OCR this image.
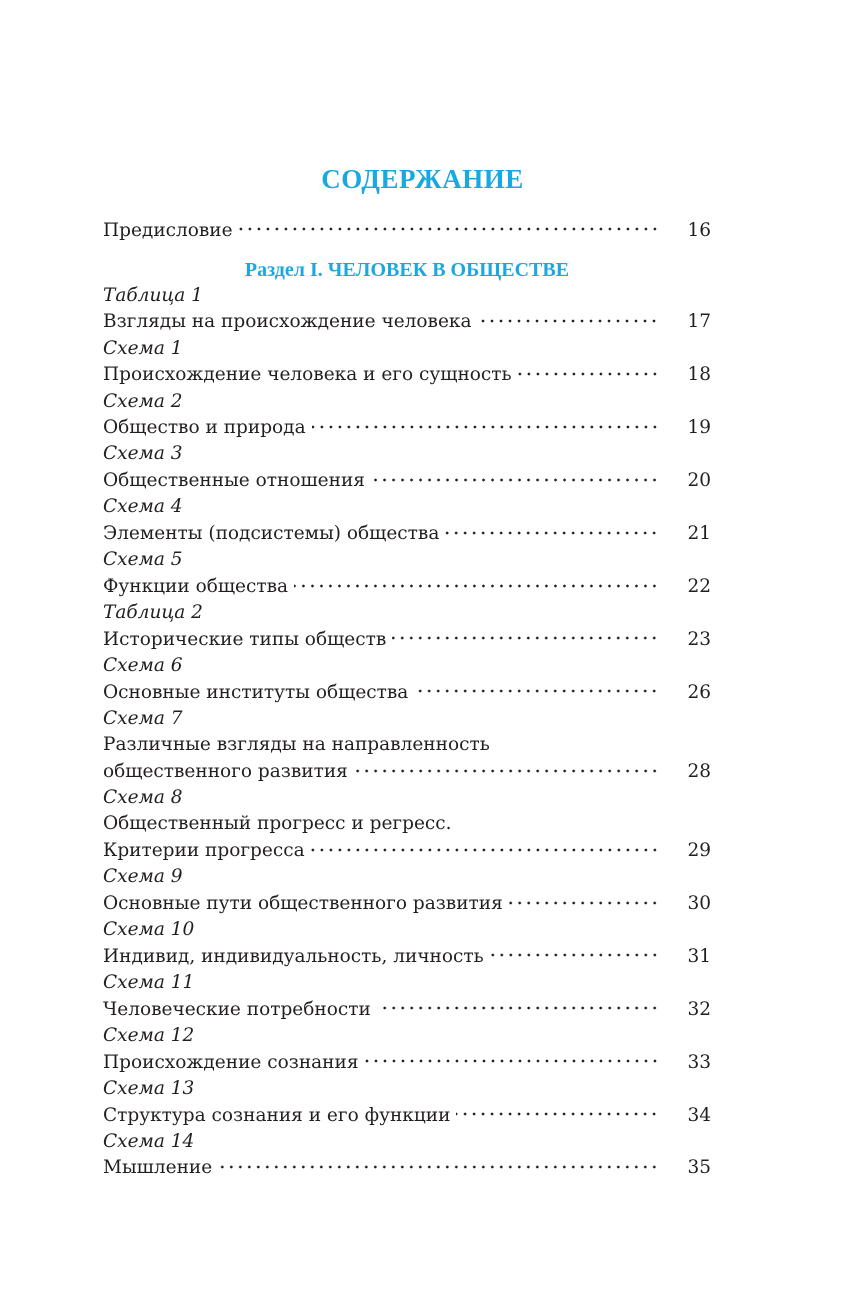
СОДЕРЖАНИЕ
Предисловие	16
Раздел I. ЧЕЛОВЕК В ОБЩЕСТВЕ
Таблица 1
Взгляды на происхождение человека	17
Схема 1
Происхождение человека и его сущность	18
Схема 2
Общество и природа	19
Схема 3
Общественные отношения	20
Схема 4
Элементы (подсистемы) общества	21
Схема 5
Функции общества	22
Таблица 2
Исторические типы обществ	23
Схема 6
Основные институты общества	26
Схема 7
Различные взгляды на направленность
общественного развития	28
Схема 8
Общественный прогресс и регресс.
Критерии прогресса	29
Схема 9
Основные пути общественного развития	30
Схема 10
Индивид, индивидуальность, личность	31
Схема 11
Человеческие потребности	32
Схема 12
Происхождение сознания	33
Схема 13
Структура сознания и его функции	34
Схема 14
Мышление	35
